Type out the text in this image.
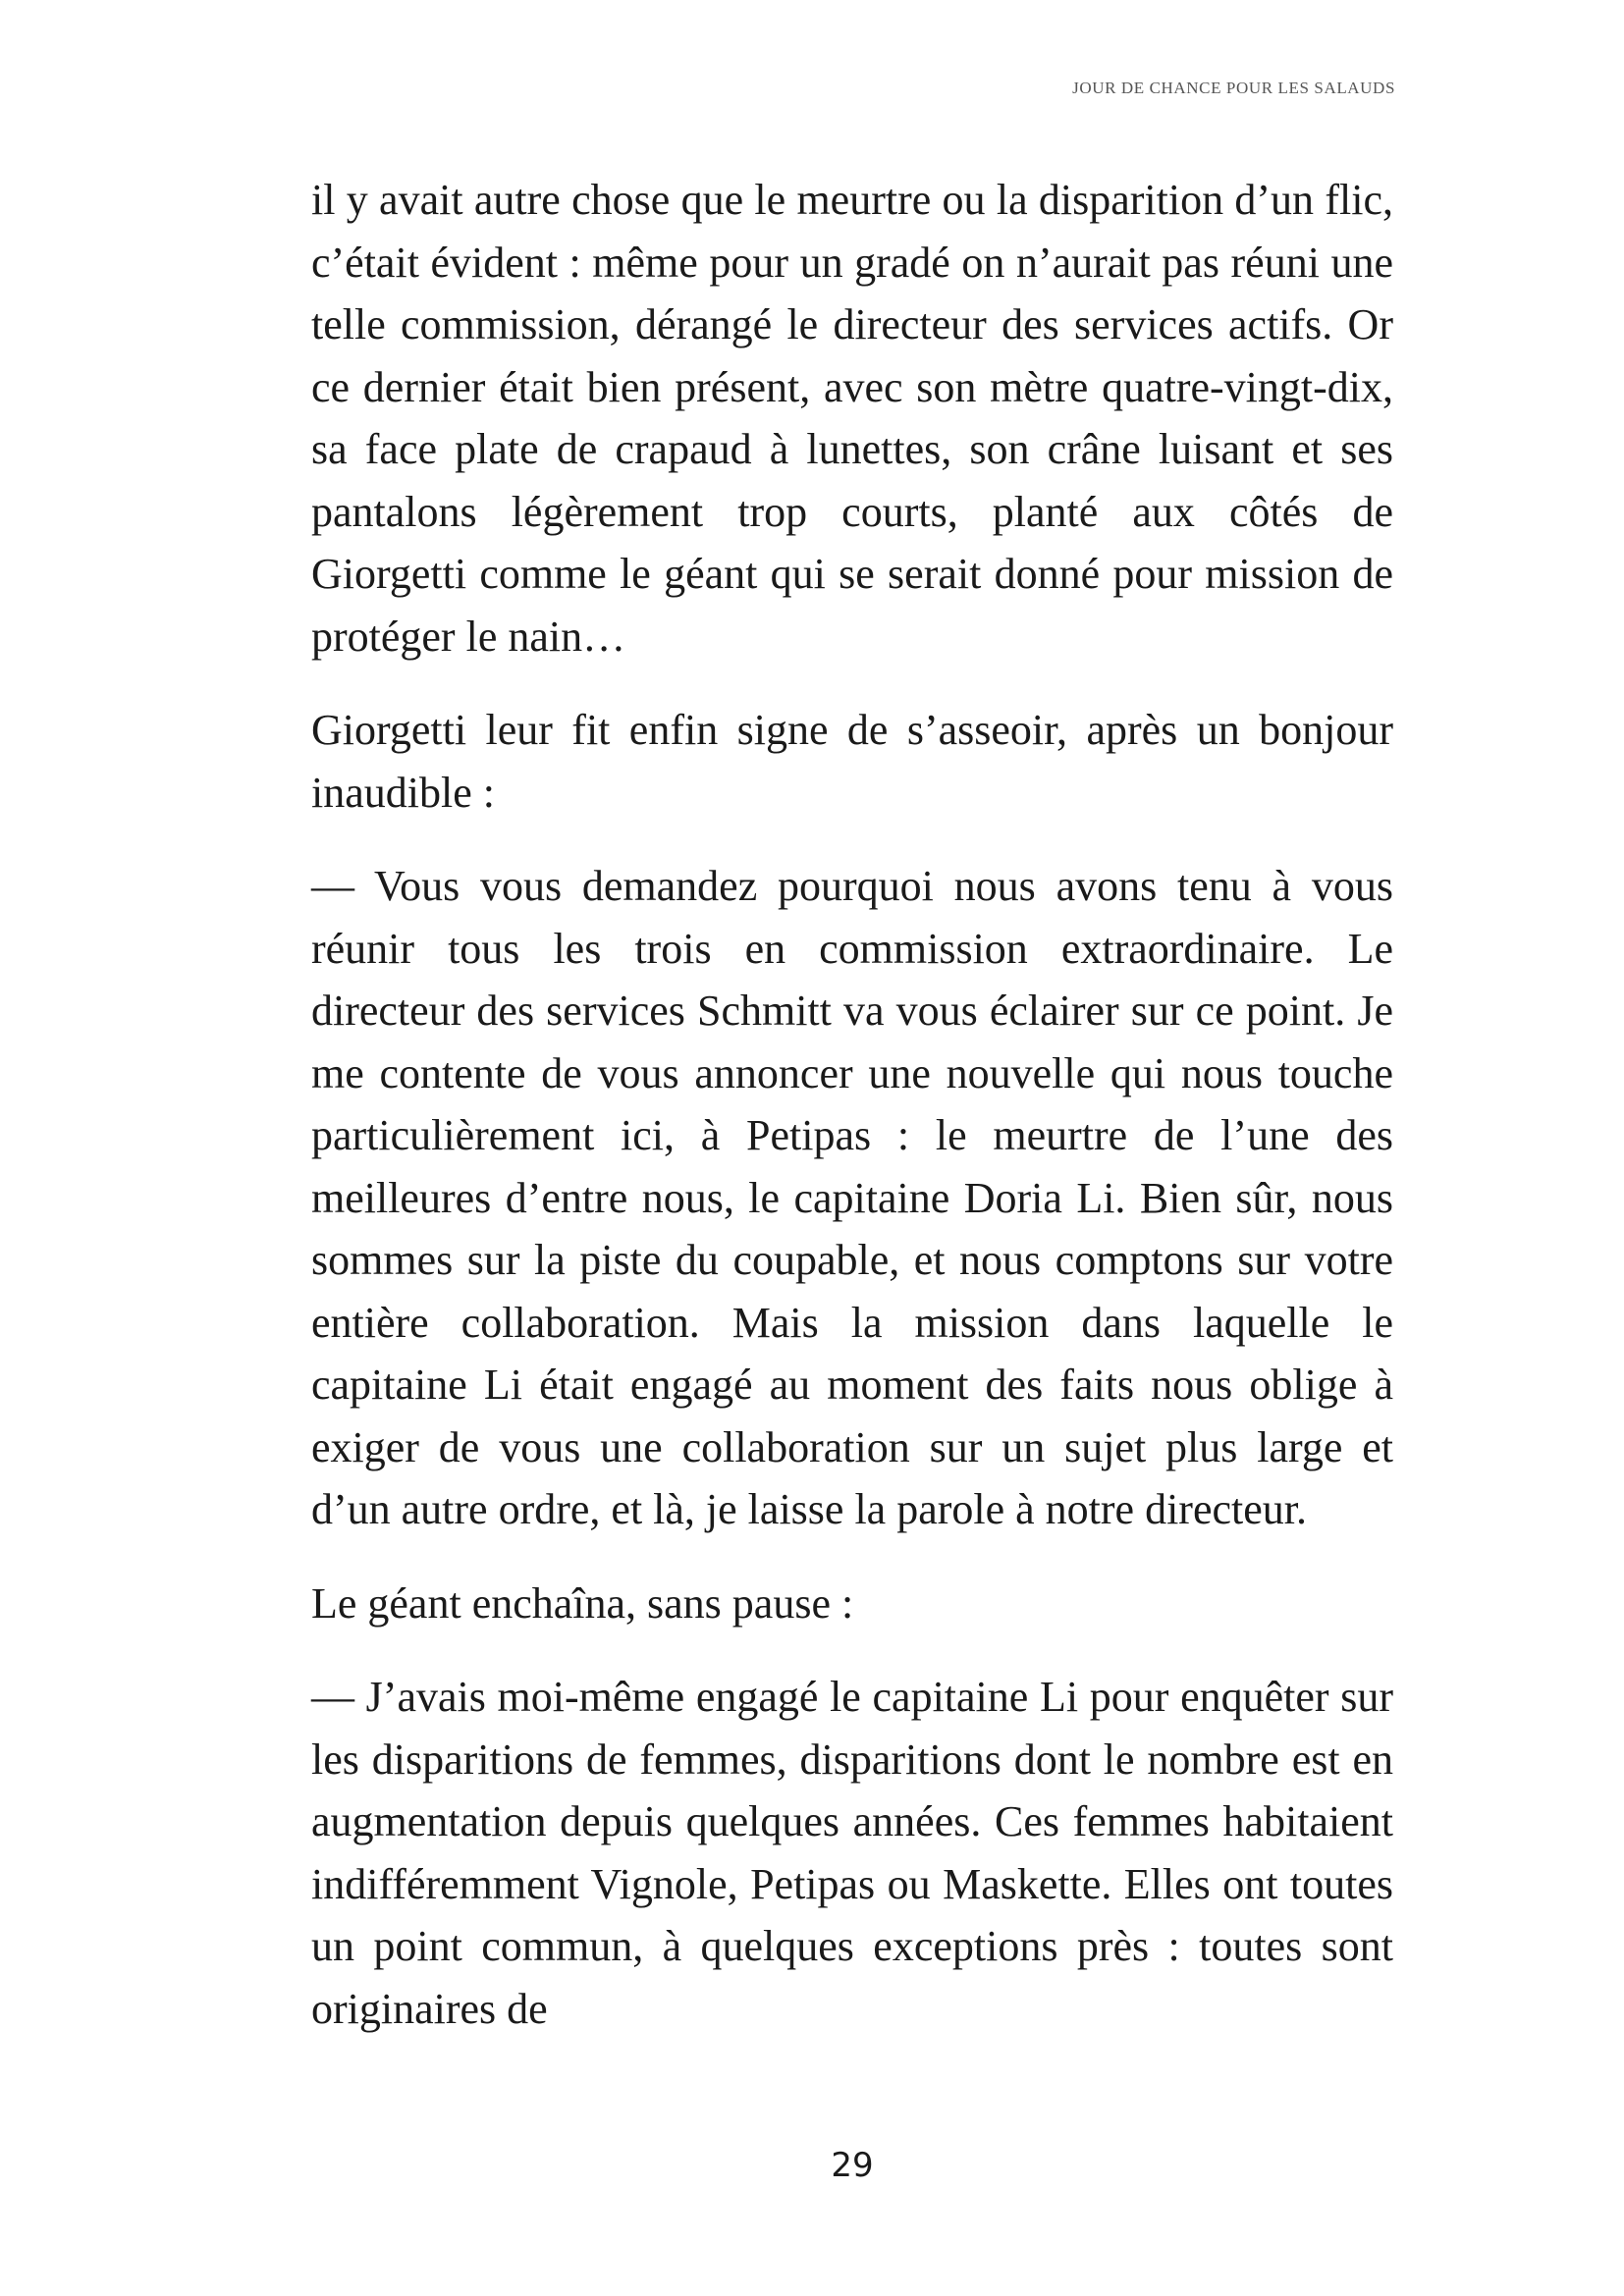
JOUR DE CHANCE POUR LES SALAUDS

il y avait autre chose que le meurtre ou la disparition d’un flic, c’était évident : même pour un gradé on n’aurait pas réuni une telle commission, dérangé le directeur des services actifs. Or ce dernier était bien présent, avec son mètre quatre-vingt-dix, sa face plate de crapaud à lunettes, son crâne luisant et ses pantalons légèrement trop courts, planté aux côtés de Giorgetti comme le géant qui se serait donné pour mission de protéger le nain…

Giorgetti leur fit enfin signe de s’asseoir, après un bonjour inaudible :

— Vous vous demandez pourquoi nous avons tenu à vous réunir tous les trois en commission extraordinaire. Le directeur des services Schmitt va vous éclairer sur ce point. Je me contente de vous annoncer une nouvelle qui nous touche particulièrement ici, à Petipas : le meurtre de l’une des meilleures d’entre nous, le capitaine Doria Li. Bien sûr, nous sommes sur la piste du coupable, et nous comptons sur votre entière collaboration. Mais la mission dans laquelle le capitaine Li était engagé au moment des faits nous oblige à exiger de vous une collaboration sur un sujet plus large et d’un autre ordre, et là, je laisse la parole à notre directeur.

Le géant enchaîna, sans pause :

— J’avais moi-même engagé le capitaine Li pour enquêter sur les disparitions de femmes, disparitions dont le nombre est en augmentation depuis quelques années. Ces femmes habitaient indifféremment Vignole, Petipas ou Maskette. Elles ont toutes un point commun, à quelques exceptions près : toutes sont originaires de

29
